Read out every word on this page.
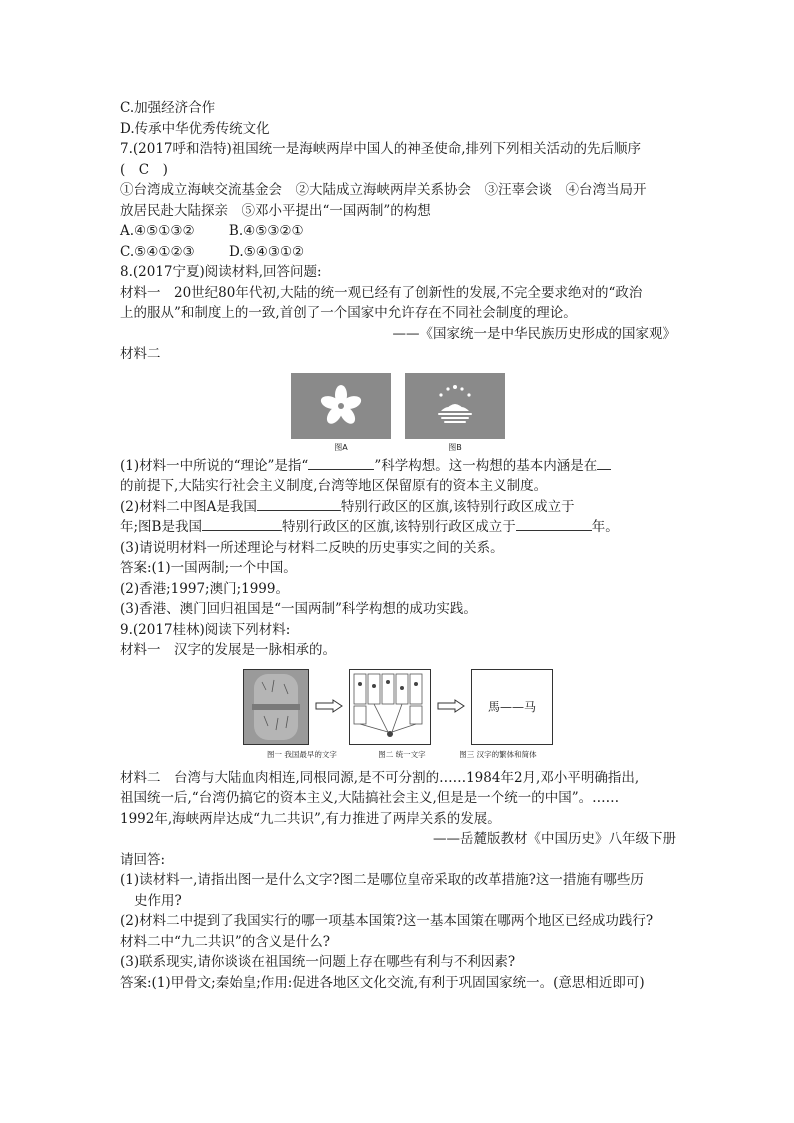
C.加强经济合作
D.传承中华优秀传统文化
7.(2017呼和浩特)祖国统一是海峡两岸中国人的神圣使命,排列下列相关活动的先后顺序
(　C　)
①台湾成立海峡交流基金会　②大陆成立海峡两岸关系协会　③汪辜会谈　④台湾当局开
放居民赴大陆探亲　⑤邓小平提出“一国两制”的构想
A.④⑤①③②	B.④⑤③②①
C.⑤④①②③	D.⑤④③①②
8.(2017宁夏)阅读材料,回答问题:
材料一　20世纪80年代初,大陆的统一观已经有了创新性的发展,不完全要求绝对的“政治
上的服从”和制度上的一致,首创了一个国家中允许存在不同社会制度的理论。
——《国家统一是中华民族历史形成的国家观》
材料二
图A	图B
(1)材料一中所说的“理论”是指“	”科学构想。这一构想的基本内涵是在
的前提下,大陆实行社会主义制度,台湾等地区保留原有的资本主义制度。
(2)材料二中图A是我国	特别行政区的区旗,该特别行政区成立于
年;图B是我国	特别行政区的区旗,该特别行政区成立于	年。
(3)请说明材料一所述理论与材料二反映的历史事实之间的关系。
答案:(1)一国两制;一个中国。
(2)香港;1997;澳门;1999。
(3)香港、澳门回归祖国是“一国两制”科学构想的成功实践。
9.(2017桂林)阅读下列材料:
材料一　汉字的发展是一脉相承的。
馬——马
图一 我国最早的文字	图二 统一文字	图三 汉字的繁体和简体
材料二　台湾与大陆血肉相连,同根同源,是不可分割的……1984年2月,邓小平明确指出,
祖国统一后,“台湾仍搞它的资本主义,大陆搞社会主义,但是是一个统一的中国”。……
1992年,海峡两岸达成“九二共识”,有力推进了两岸关系的发展。
——岳麓版教材《中国历史》八年级下册
请回答:
(1)读材料一,请指出图一是什么文字?图二是哪位皇帝采取的改革措施?这一措施有哪些历
史作用?
(2)材料二中提到了我国实行的哪一项基本国策?这一基本国策在哪两个地区已经成功践行?
材料二中“九二共识”的含义是什么?
(3)联系现实,请你谈谈在祖国统一问题上存在哪些有利与不利因素?
答案:(1)甲骨文;秦始皇;作用:促进各地区文化交流,有利于巩固国家统一。(意思相近即可)
